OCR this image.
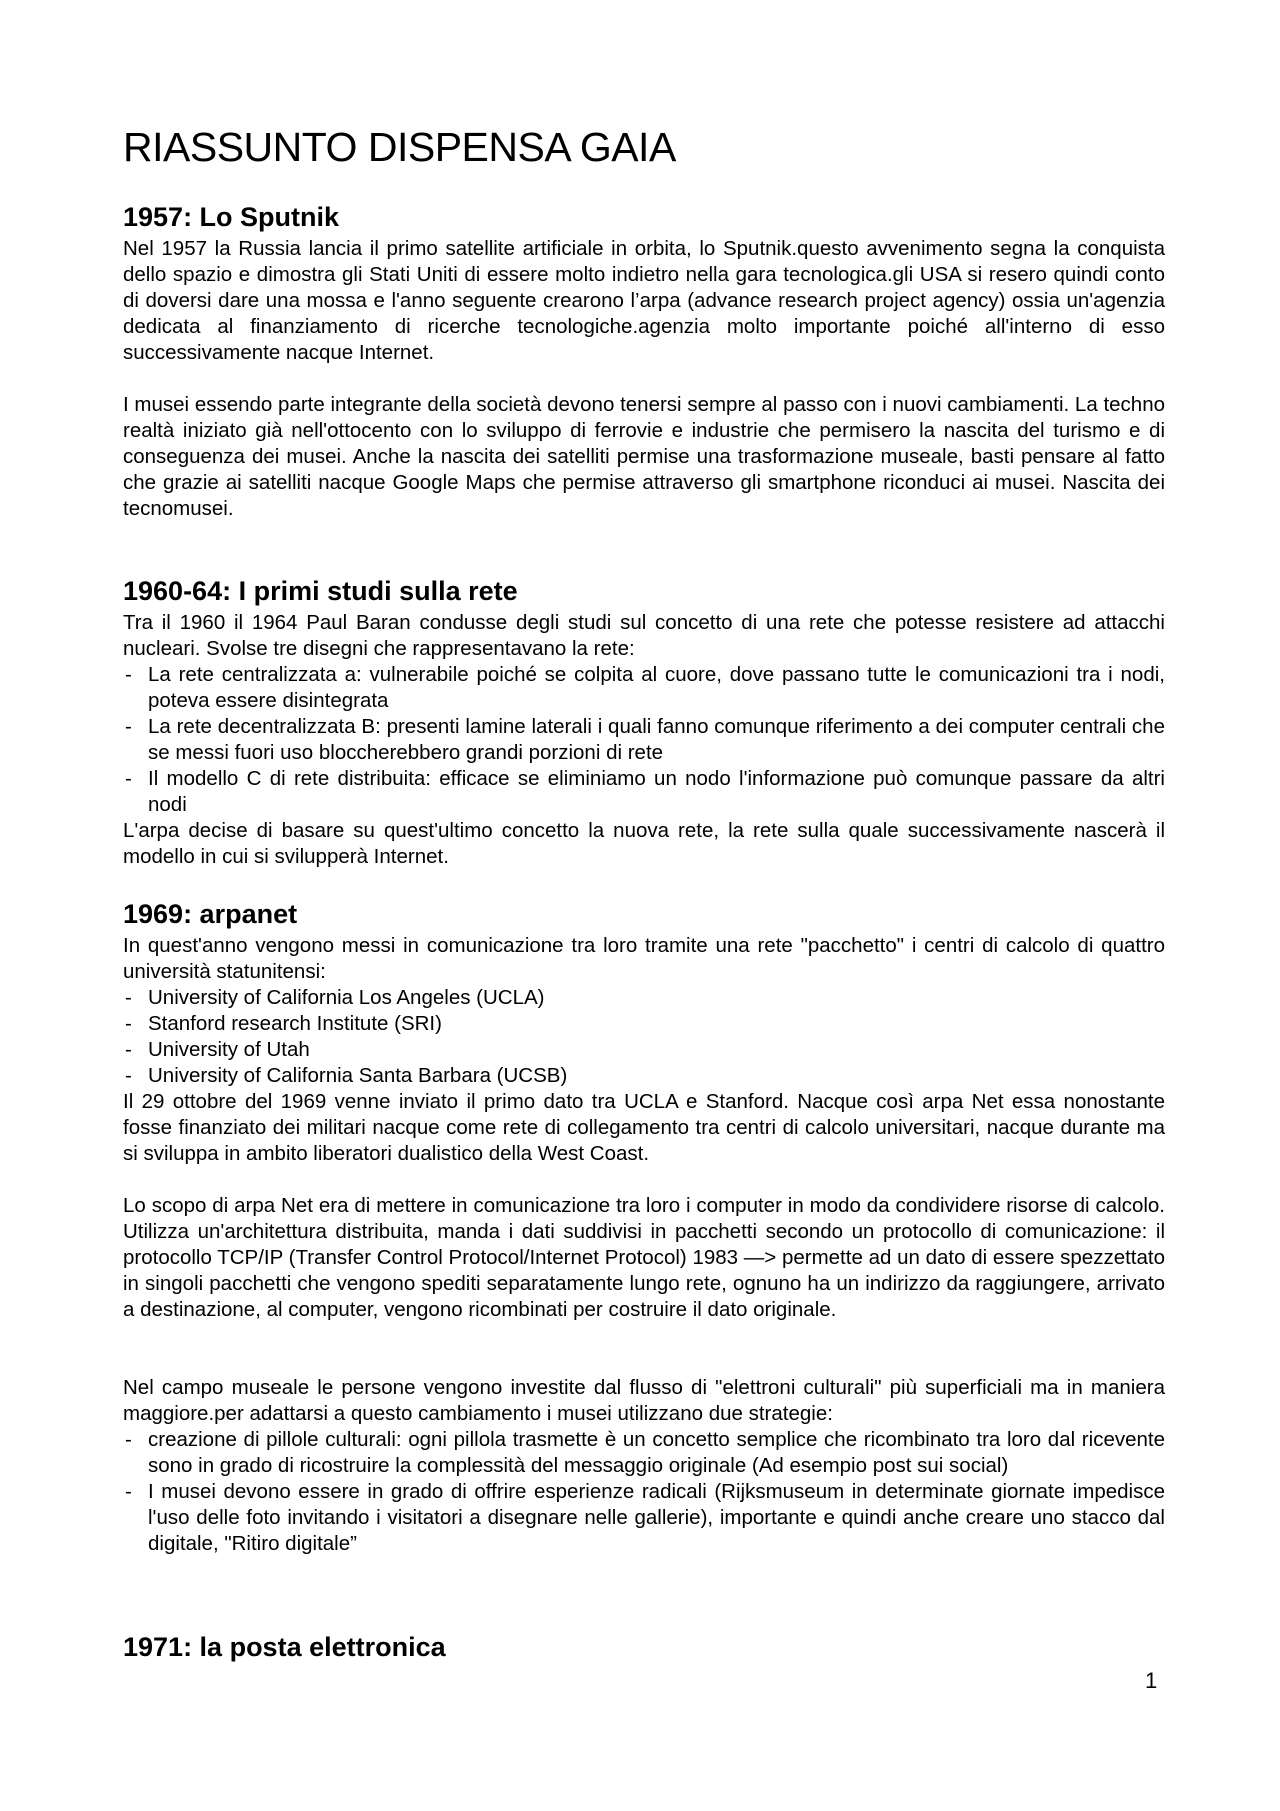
RIASSUNTO DISPENSA GAIA
1957: Lo Sputnik

Nel 1957 la Russia lancia il primo satellite artificiale in orbita, lo Sputnik.questo avvenimento segna la conquista dello spazio e dimostra gli Stati Uniti di essere molto indietro nella gara tecnologica.gli USA si resero quindi conto di doversi dare una mossa e l'anno seguente crearono l’arpa (advance research project agency) ossia un'agenzia dedicata al finanziamento di ricerche tecnologiche.agenzia molto importante poiché all'interno di esso successivamente nacque Internet.

I musei essendo parte integrante della società devono tenersi sempre al passo con i nuovi cambiamenti. La techno realtà iniziato già nell'ottocento con lo sviluppo di ferrovie e industrie che permisero la nascita del turismo e di conseguenza dei musei. Anche la nascita dei satelliti permise una trasformazione museale, basti pensare al fatto che grazie ai satelliti nacque Google Maps che permise attraverso gli smartphone riconduci ai musei. Nascita dei tecnomusei.

1960-64: I primi studi sulla rete

Tra il 1960 il 1964 Paul Baran condusse degli studi sul concetto di una rete che potesse resistere ad attacchi nucleari. Svolse tre disegni che rappresentavano la rete:

- La rete centralizzata a: vulnerabile poiché se colpita al cuore, dove passano tutte le comunicazioni tra i nodi, poteva essere disintegrata
- La rete decentralizzata B: presenti lamine laterali i quali fanno comunque riferimento a dei computer centrali che se messi fuori uso bloccherebbero grandi porzioni di rete
- Il modello C di rete distribuita: efficace se eliminiamo un nodo l'informazione può comunque passare da altri nodi

L'arpa decise di basare su quest'ultimo concetto la nuova rete, la rete sulla quale successivamente nascerà il modello in cui si svilupperà Internet.

1969: arpanet

In quest'anno vengono messi in comunicazione tra loro tramite una rete "pacchetto" i centri di calcolo di quattro università statunitensi:

- University of California Los Angeles (UCLA)
- Stanford research Institute (SRI)
- University of Utah
- University of California Santa Barbara (UCSB)

Il 29 ottobre del 1969 venne inviato il primo dato tra UCLA e Stanford. Nacque così arpa Net essa nonostante fosse finanziato dei militari nacque come rete di collegamento tra centri di calcolo universitari, nacque durante ma si sviluppa in ambito liberatori dualistico della West Coast.

Lo scopo di arpa Net era di mettere in comunicazione tra loro i computer in modo da condividere risorse di calcolo. Utilizza un'architettura distribuita, manda i dati suddivisi in pacchetti secondo un protocollo di comunicazione: il protocollo TCP/IP (Transfer Control Protocol/Internet Protocol) 1983 —> permette ad un dato di essere spezzettato in singoli pacchetti che vengono spediti separatamente lungo rete, ognuno ha un indirizzo da raggiungere, arrivato a destinazione, al computer, vengono ricombinati per costruire il dato originale.

Nel campo museale le persone vengono investite dal flusso di "elettroni culturali" più superficiali ma in maniera maggiore.per adattarsi a questo cambiamento i musei utilizzano due strategie:

- creazione di pillole culturali: ogni pillola trasmette è un concetto semplice che ricombinato tra loro dal ricevente sono in grado di ricostruire la complessità del messaggio originale (Ad esempio post sui social)
- I musei devono essere in grado di offrire esperienze radicali (Rijksmuseum in determinate giornate impedisce l'uso delle foto invitando i visitatori a disegnare nelle gallerie), importante e quindi anche creare uno stacco dal digitale, "Ritiro digitale”
1971: la posta elettronica
1
